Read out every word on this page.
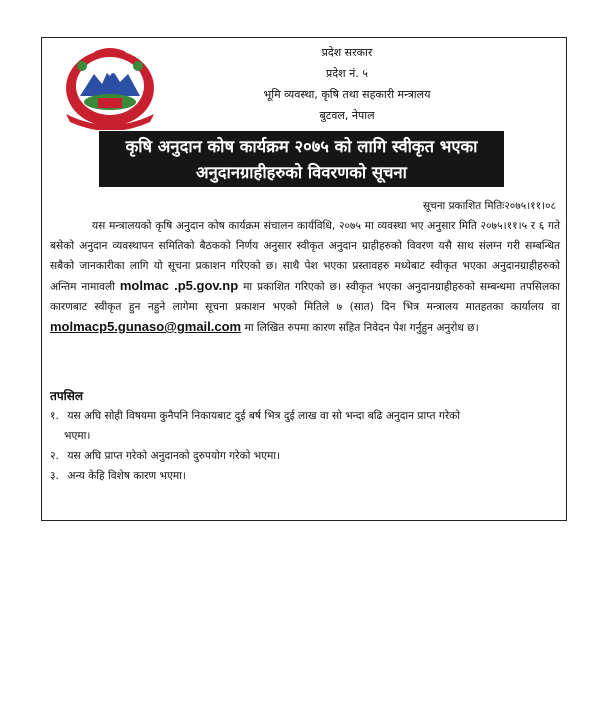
प्रदेश सरकार
प्रदेश नं. ५
भूमि व्यवस्था, कृषि तथा सहकारी मन्त्रालय
बुटवल, नेपाल
कृषि अनुदान कोष कार्यक्रम २०७५ को लागि स्वीकृत भएका
अनुदानग्राहीहरुको विवरणको सूचना
सूचना प्रकाशित मितिः२०७५।११।०८
यस मन्त्रालयको कृषि अनुदान कोष कार्यक्रम संचालन कार्यविधि, २०७५ मा व्यवस्था भए अनुसार मिति २०७५।११।५ र ६ गते बसेको अनुदान व्यवस्थापन समितिको बैठकको निर्णय अनुसार स्वीकृत अनुदान ग्राहीहरुको विवरण यसै साथ संलग्न गरी सम्बन्धित सबैको जानकारीका लागि यो सूचना प्रकाशन गरिएको छ। साथै पेश भएका प्रस्तावहरु मध्येबाट स्वीकृत भएका अनुदानग्राहीहरुको अन्तिम नामावली molmac .p5.gov.np मा प्रकाशित गरिएको छ। स्वीकृत भएका अनुदानग्राहीहरुको सम्बन्धमा तपसिलका कारणबाट स्वीकृत हुन नहुने लागेमा सूचना प्रकाशन भएको मितिले ७ (सात) दिन भित्र मन्त्रालय मातहतका कार्यालय वा molmacp5.gunaso@gmail.com मा लिखित रुपमा कारण सहित निवेदन पेश गर्नुहुन अनुरोध छ।
तपसिल
१. यस अघि सोही विषयमा कुनैपनि निकायबाट दुई बर्ष भित्र दुई लाख वा सो भन्दा बढि अनुदान प्राप्त गरेको
भएमा।
२. यस अघि प्राप्त गरेको अनुदानको दुरुपयोग गरेको भएमा।
३. अन्य केहि विशेष कारण भएमा।
